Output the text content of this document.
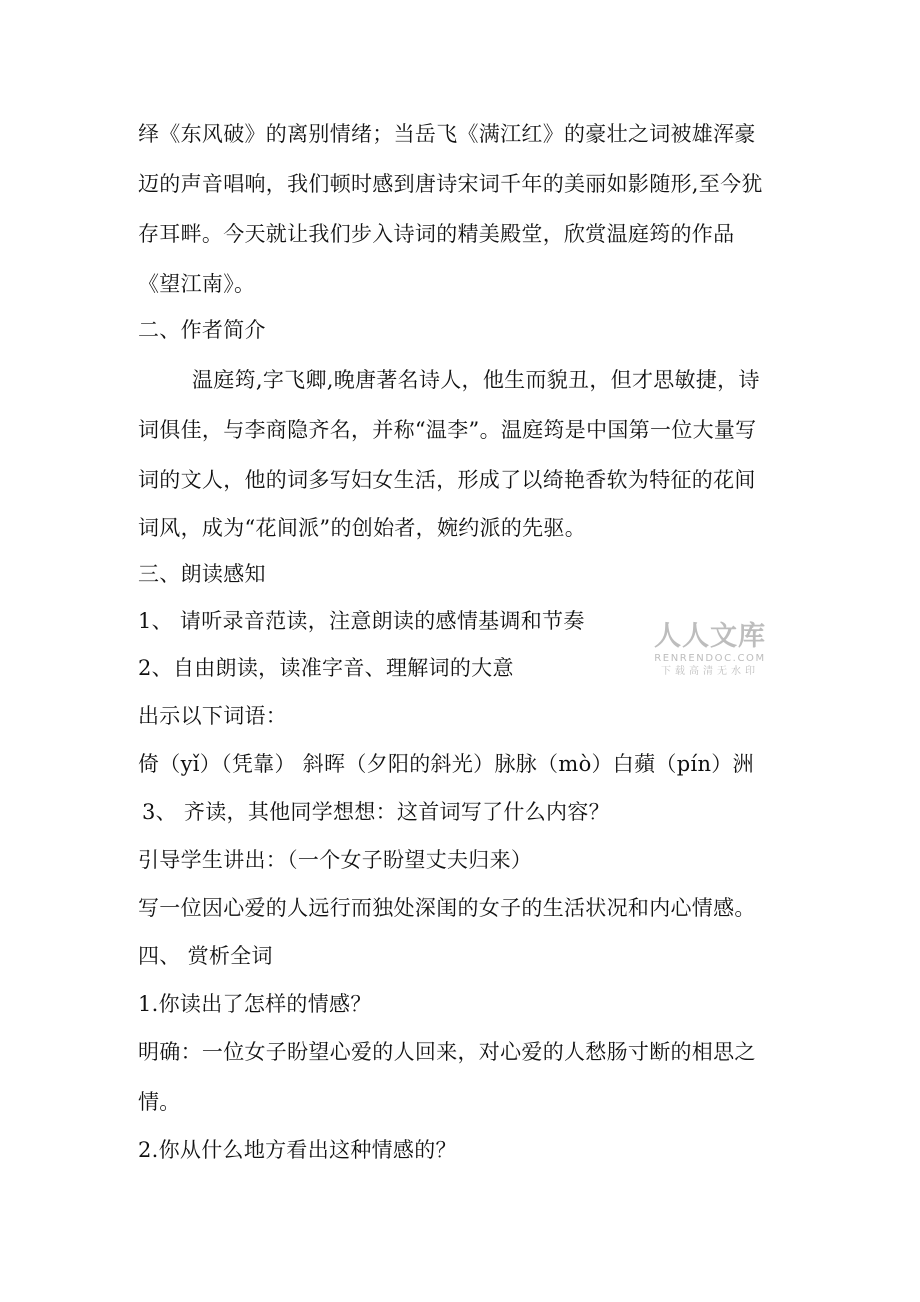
绎《东风破》的离别情绪；当岳飞《满江红》的豪壮之词被雄浑豪
迈的声音唱响，我们顿时感到唐诗宋词千年的美丽如影随形,至今犹
存耳畔。今天就让我们步入诗词的精美殿堂，欣赏温庭筠的作品
《望江南》。
二、作者简介
温庭筠,字飞卿,晚唐著名诗人，他生而貌丑，但才思敏捷，诗
词俱佳，与李商隐齐名，并称“温李”。温庭筠是中国第一位大量写
词的文人，他的词多写妇女生活，形成了以绮艳香软为特征的花间
词风，成为“花间派”的创始者，婉约派的先驱。
三、朗读感知
1、 请听录音范读，注意朗读的感情基调和节奏
2、自由朗读，读准字音、理解词的大意
出示以下词语：
倚（yǐ）（凭靠） 斜晖（夕阳的斜光）脉脉（mò）白蘋（pín）洲
3、 齐读，其他同学想想：这首词写了什么内容？
引导学生讲出：（一个女子盼望丈夫归来）
写一位因心爱的人远行而独处深闺的女子的生活状况和内心情感。
四、 赏析全词
1.你读出了怎样的情感？
明确：一位女子盼望心爱的人回来，对心爱的人愁肠寸断的相思之
情。
2.你从什么地方看出这种情感的？
人人文库
RENRENDOC.COM
下载高清无水印
